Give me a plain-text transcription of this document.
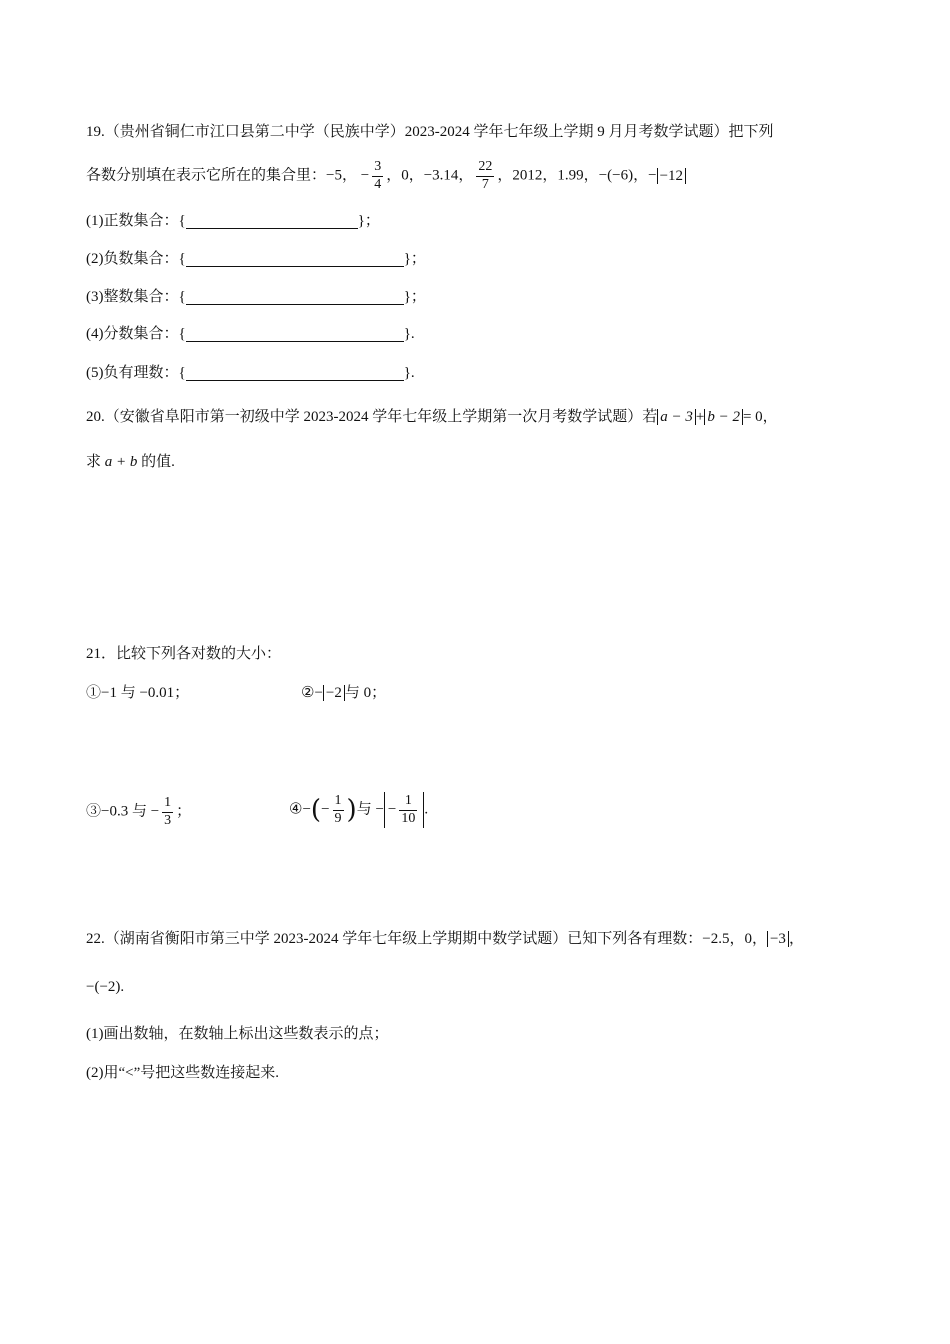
19.（贵州省铜仁市江口县第二中学（民族中学）2023-2024 学年七年级上学期 9 月月考数学试题）把下列
各数分别填在表示它所在的集合里：−5， − $\frac{3}{4}$ ，0，−3.14， $\frac{22}{7}$ ，2012，1.99，−(−6)，− −12
(1)正数集合：{	}；
(2)负数集合：{	}；
(3)整数集合：{	}；
(4)分数集合：{	}.
(5)负有理数：{	}.
20.（安徽省阜阳市第一初级中学 2023-2024 学年七年级上学期第一次月考数学试题）若 a − 3 + b − 2 = 0，
求 a + b 的值.
21．比较下列各对数的大小：
①−1 与 −0.01；	②− −2 与 0；
③−0.3 与 − $\frac{1}{3}$ ；	④−(− $\frac{1}{9}$ )与 − − $\frac{1}{10}$ .
22.（湖南省衡阳市第三中学 2023-2024 学年七年级上学期期中数学试题）已知下列各有理数：−2.5，0， −3 ，
−(−2).
(1)画出数轴，在数轴上标出这些数表示的点；
(2)用“<”号把这些数连接起来.
